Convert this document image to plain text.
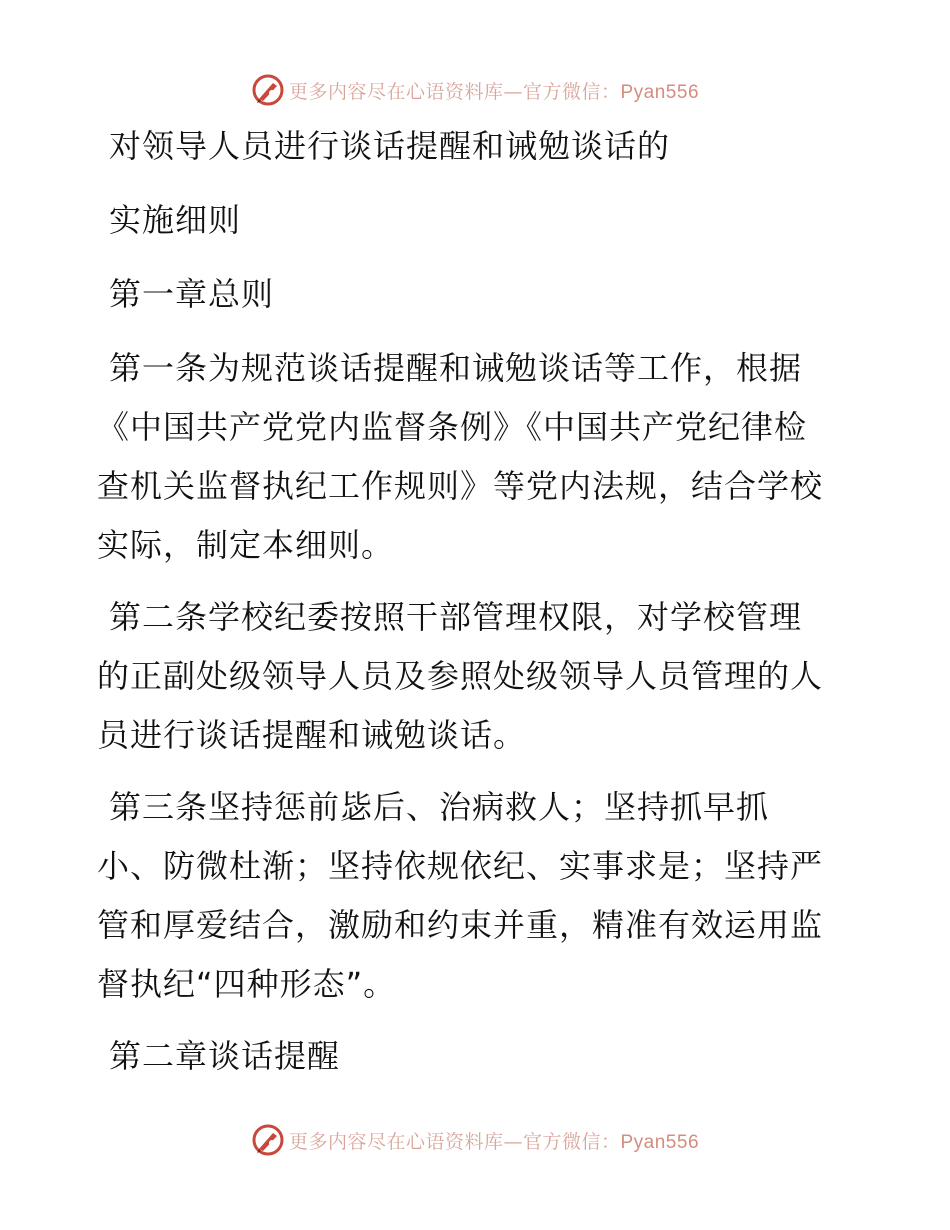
更多内容尽在心语资料库—官方微信：Pyan556
对领导人员进行谈话提醒和诫勉谈话的
实施细则
第一章总则
第一条为规范谈话提醒和诫勉谈话等工作，根据
《中国共产党党内监督条例》《中国共产党纪律检
查机关监督执纪工作规则》等党内法规，结合学校
实际，制定本细则。
第二条学校纪委按照干部管理权限，对学校管理
的正副处级领导人员及参照处级领导人员管理的人
员进行谈话提醒和诫勉谈话。
第三条坚持惩前毖后、治病救人；坚持抓早抓
小、防微杜渐；坚持依规依纪、实事求是；坚持严
管和厚爱结合，激励和约束并重，精准有效运用监
督执纪“四种形态”。
第二章谈话提醒
更多内容尽在心语资料库—官方微信：Pyan556
